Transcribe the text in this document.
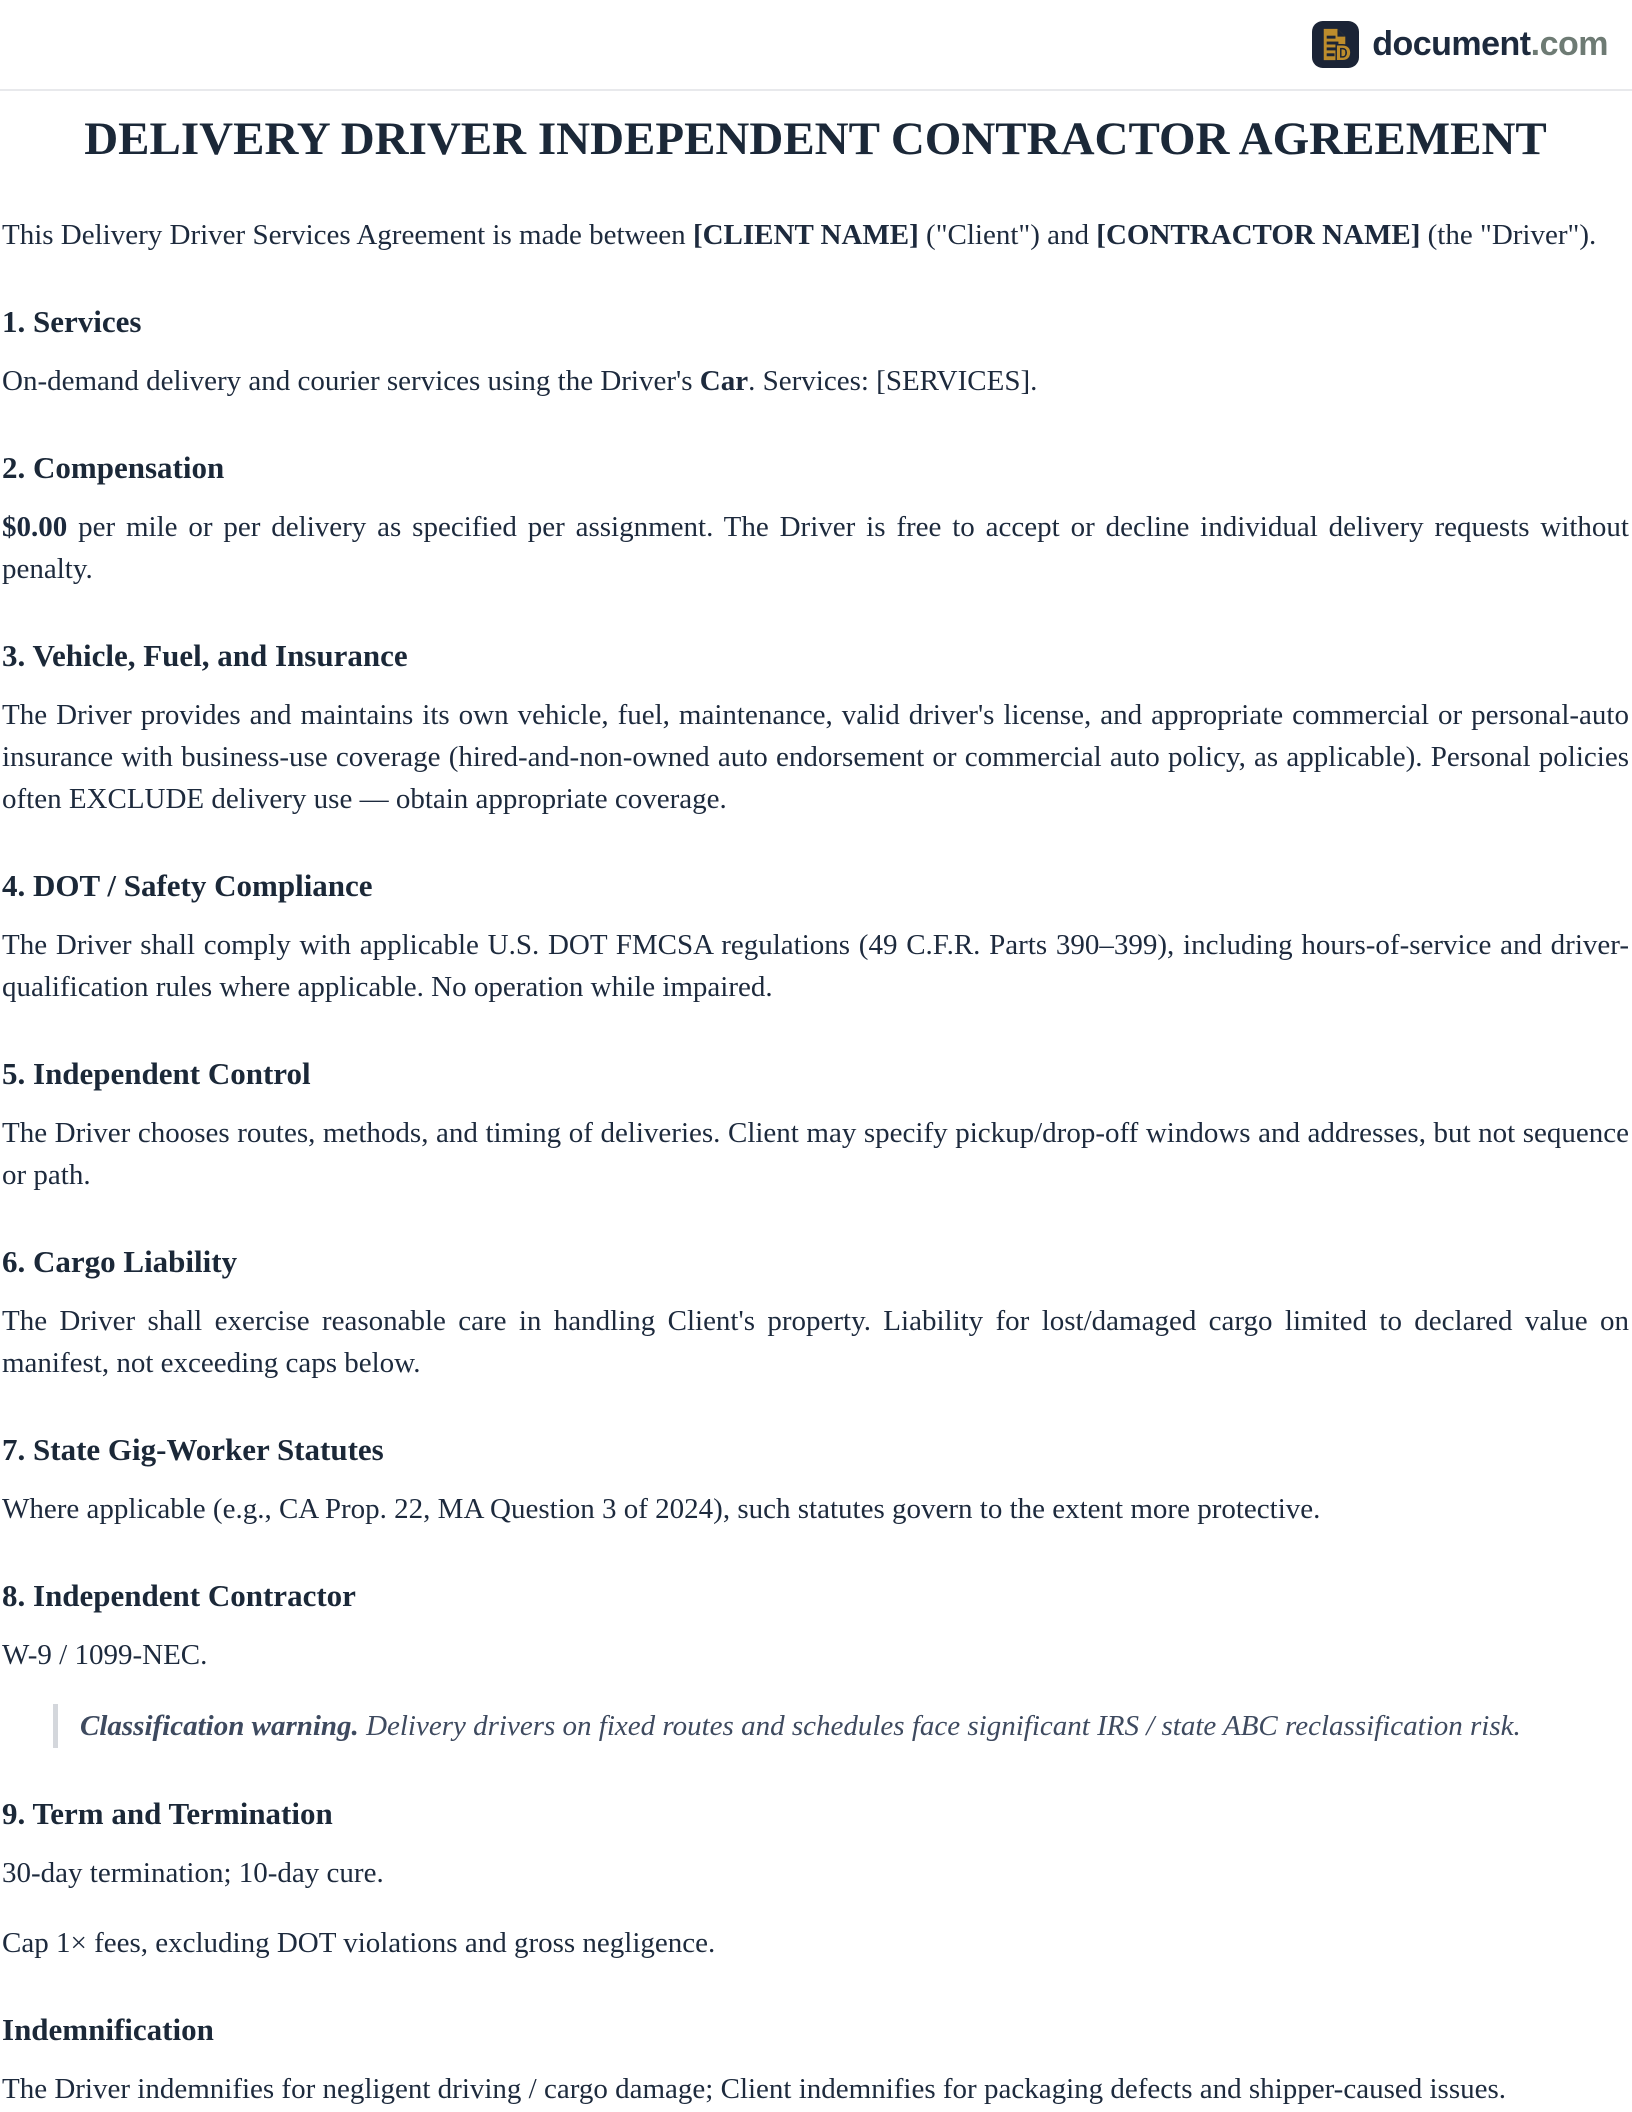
D document.com
DELIVERY DRIVER INDEPENDENT CONTRACTOR AGREEMENT

This Delivery Driver Services Agreement is made between [CLIENT NAME] ("Client") and [CONTRACTOR NAME] (the "Driver").

1. Services

On-demand delivery and courier services using the Driver's Car. Services: [SERVICES].

2. Compensation

$0.00 per mile or per delivery as specified per assignment. The Driver is free to accept or decline individual delivery requests without penalty.

3. Vehicle, Fuel, and Insurance

The Driver provides and maintains its own vehicle, fuel, maintenance, valid driver's license, and appropriate commercial or personal-auto insurance with business-use coverage (hired-and-non-owned auto endorsement or commercial auto policy, as applicable). Personal policies often EXCLUDE delivery use — obtain appropriate coverage.

4. DOT / Safety Compliance

The Driver shall comply with applicable U.S. DOT FMCSA regulations (49 C.F.R. Parts 390–399), including hours-of-service and driver-qualification rules where applicable. No operation while impaired.

5. Independent Control

The Driver chooses routes, methods, and timing of deliveries. Client may specify pickup/drop-off windows and addresses, but not sequence or path.

6. Cargo Liability

The Driver shall exercise reasonable care in handling Client's property. Liability for lost/damaged cargo limited to declared value on manifest, not exceeding caps below.

7. State Gig-Worker Statutes

Where applicable (e.g., CA Prop. 22, MA Question 3 of 2024), such statutes govern to the extent more protective.

8. Independent Contractor

W-9 / 1099-NEC.

Classification warning. Delivery drivers on fixed routes and schedules face significant IRS / state ABC reclassification risk.
9. Term and Termination

30-day termination; 10-day cure.

Cap 1× fees, excluding DOT violations and gross negligence.

Indemnification

The Driver indemnifies for negligent driving / cargo damage; Client indemnifies for packaging defects and shipper-caused issues.
